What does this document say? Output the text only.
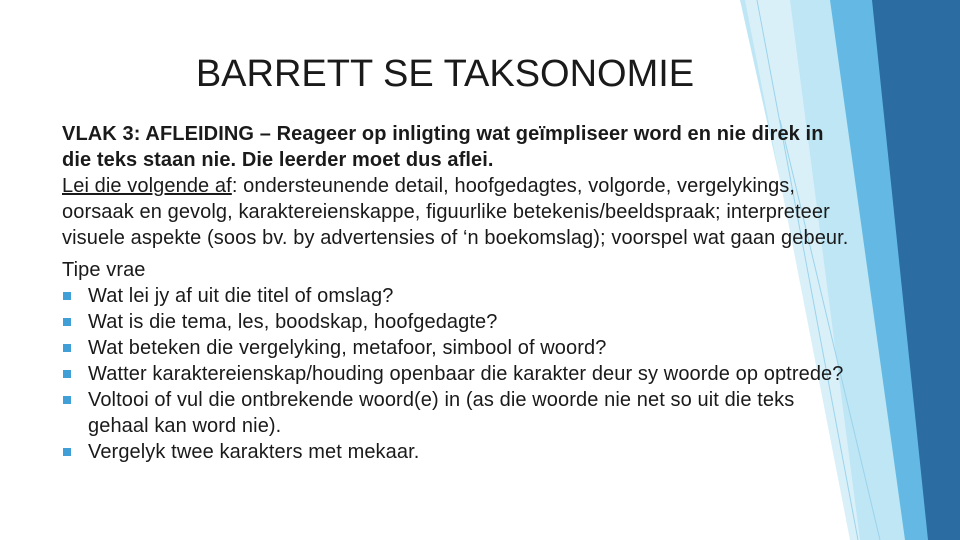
BARRETT SE TAKSONOMIE

VLAK 3: AFLEIDING – Reageer op inligting wat geïmpliseer word en nie direk in die teks staan nie. Die leerder moet dus aflei.

Lei die volgende af: ondersteunende detail, hoofgedagtes, volgorde, vergelykings, oorsaak en gevolg, karaktereienskappe, figuurlike betekenis/beeldspraak; interpreteer visuele aspekte (soos bv. by advertensies of ‘n boekomslag); voorspel wat gaan gebeur.

Tipe vrae

Wat lei jy af uit die titel of omslag?
Wat is die tema, les, boodskap, hoofgedagte?
Wat beteken die vergelyking, metafoor, simbool of woord?
Watter karaktereienskap/houding openbaar die karakter deur sy woorde op optrede?
Voltooi of vul die ontbrekende woord(e) in (as die woorde nie net so uit die teks gehaal kan word nie).
Vergelyk twee karakters met mekaar.
